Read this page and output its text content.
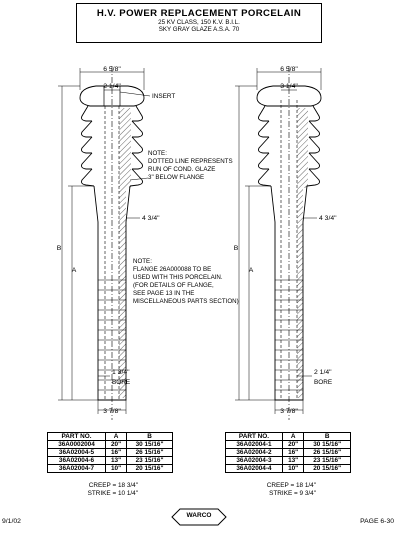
H.V. POWER REPLACEMENT PORCELAIN
25 KV CLASS, 150 K.V. B.I.L.
SKY GRAY GLAZE A.S.A. 70
6 5/8"
2 1/4"
INSERT
4 3/4"
1 3/4"
BORE
3 7/8"
B
A
NOTE:
DOTTED LINE REPRESENTS
RUN OF COND. GLAZE
3" BELOW FLANGE
NOTE:
FLANGE 26A000088 TO BE
USED WITH THIS PORCELAIN.
(FOR DETAILS OF FLANGE,
SEE PAGE 13 IN THE
MISCELLANEOUS PARTS SECTION)
6 5/8"
3 1/4"
4 3/4"
2 1/4"
BORE
3 7/8"
B
A
PART NO.	A	B
36A0002004	20"	30 15/16"
36A02004-5	16"	26 15/16"
36A02004-6	13"	23 15/16"
36A02004-7	10"	20 15/16"
CREEP = 18 3/4"
STRIKE = 10 1/4"
PART NO.	A	B
36A02004-1	20"	30 15/16"
36A02004-2	16"	26 15/16"
36A02004-3	13"	23 15/16"
36A02004-4	10"	20 15/16"
CREEP = 18 1/4"
STRIKE = 9 3/4"
9/1/02
WARCO
PAGE 6-30
